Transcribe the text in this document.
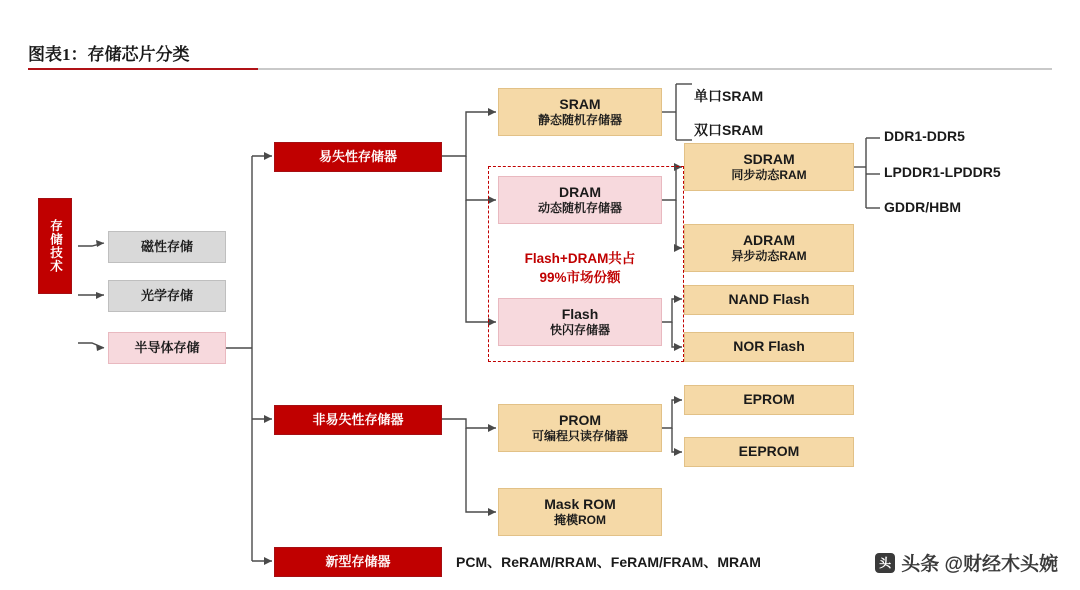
图表1：存储芯片分类
存储技术	磁性存储
光学存储
半导体存储
易失性存储器
非易失性存储器
新型存储器
SRAM
静态随机存储器
DRAM
动态随机存储器
Flash+DRAM共占
99%市场份额
Flash
快闪存储器
PROM
可编程只读存储器
Mask ROM
掩模ROM
SDRAM
同步动态RAM
ADRAM
异步动态RAM
NAND Flash
NOR Flash
EPROM
EEPROM
单口SRAM
双口SRAM	DDR1-DDR5
LPDDR1-LPDDR5
GDDR/HBM
PCM、ReRAM/RRAM、FeRAM/FRAM、MRAM	头 头条 @财经木头婉
